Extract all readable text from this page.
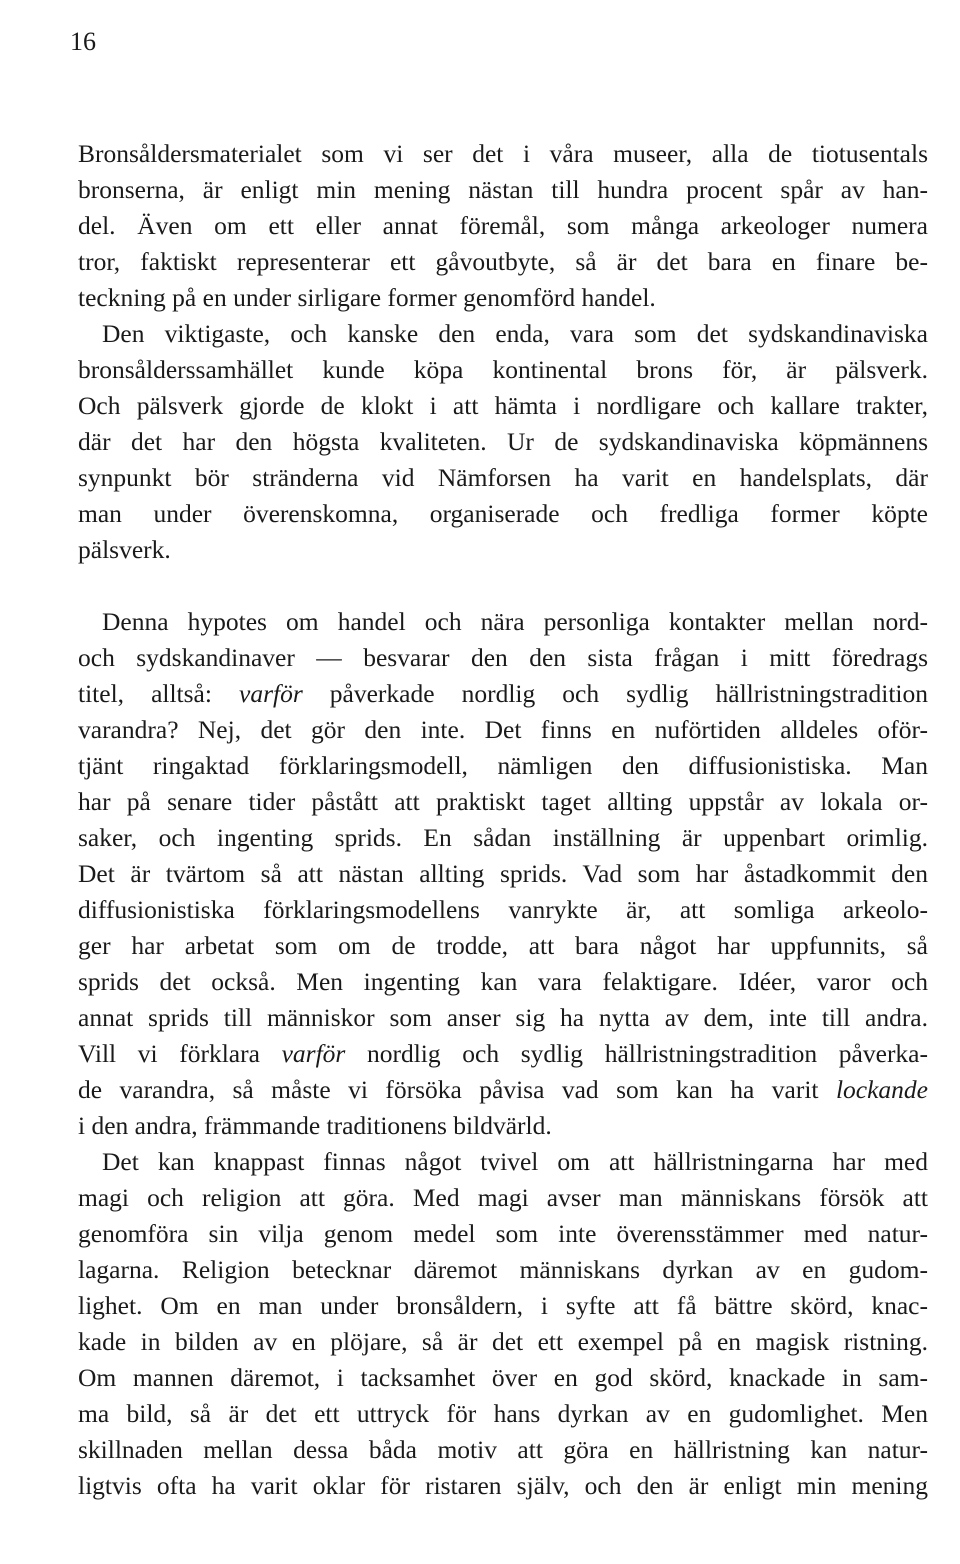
16
Bronsåldersmaterialet som vi ser det i våra museer, alla de tiotusentals
bronserna, är enligt min mening nästan till hundra procent spår av han-
del. Även om ett eller annat föremål, som många arkeologer numera
tror, faktiskt representerar ett gåvoutbyte, så är det bara en finare be-
teckning på en under sirligare former genomförd handel.
Den viktigaste, och kanske den enda, vara som det sydskandinaviska
bronsålderssamhället kunde köpa kontinental brons för, är pälsverk.
Och pälsverk gjorde de klokt i att hämta i nordligare och kallare trakter,
där det har den högsta kvaliteten. Ur de sydskandinaviska köpmännens
synpunkt bör stränderna vid Nämforsen ha varit en handelsplats, där
man under överenskomna, organiserade och fredliga former köpte
pälsverk.
Denna hypotes om handel och nära personliga kontakter mellan nord-
och sydskandinaver — besvarar den den sista frågan i mitt föredrags
titel, alltså: varför påverkade nordlig och sydlig hällristningstradition
varandra? Nej, det gör den inte. Det finns en nuförtiden alldeles oför-
tjänt ringaktad förklaringsmodell, nämligen den diffusionistiska. Man
har på senare tider påstått att praktiskt taget allting uppstår av lokala or-
saker, och ingenting sprids. En sådan inställning är uppenbart orimlig.
Det är tvärtom så att nästan allting sprids. Vad som har åstadkommit den
diffusionistiska förklaringsmodellens vanrykte är, att somliga arkeolo-
ger har arbetat som om de trodde, att bara något har uppfunnits, så
sprids det också. Men ingenting kan vara felaktigare. Idéer, varor och
annat sprids till människor som anser sig ha nytta av dem, inte till andra.
Vill vi förklara varför nordlig och sydlig hällristningstradition påverka-
de varandra, så måste vi försöka påvisa vad som kan ha varit lockande
i den andra, främmande traditionens bildvärld.
Det kan knappast finnas något tvivel om att hällristningarna har med
magi och religion att göra. Med magi avser man människans försök att
genomföra sin vilja genom medel som inte överensstämmer med natur-
lagarna. Religion betecknar däremot människans dyrkan av en gudom-
lighet. Om en man under bronsåldern, i syfte att få bättre skörd, knac-
kade in bilden av en plöjare, så är det ett exempel på en magisk ristning.
Om mannen däremot, i tacksamhet över en god skörd, knackade in sam-
ma bild, så är det ett uttryck för hans dyrkan av en gudomlighet. Men
skillnaden mellan dessa båda motiv att göra en hällristning kan natur-
ligtvis ofta ha varit oklar för ristaren själv, och den är enligt min mening
